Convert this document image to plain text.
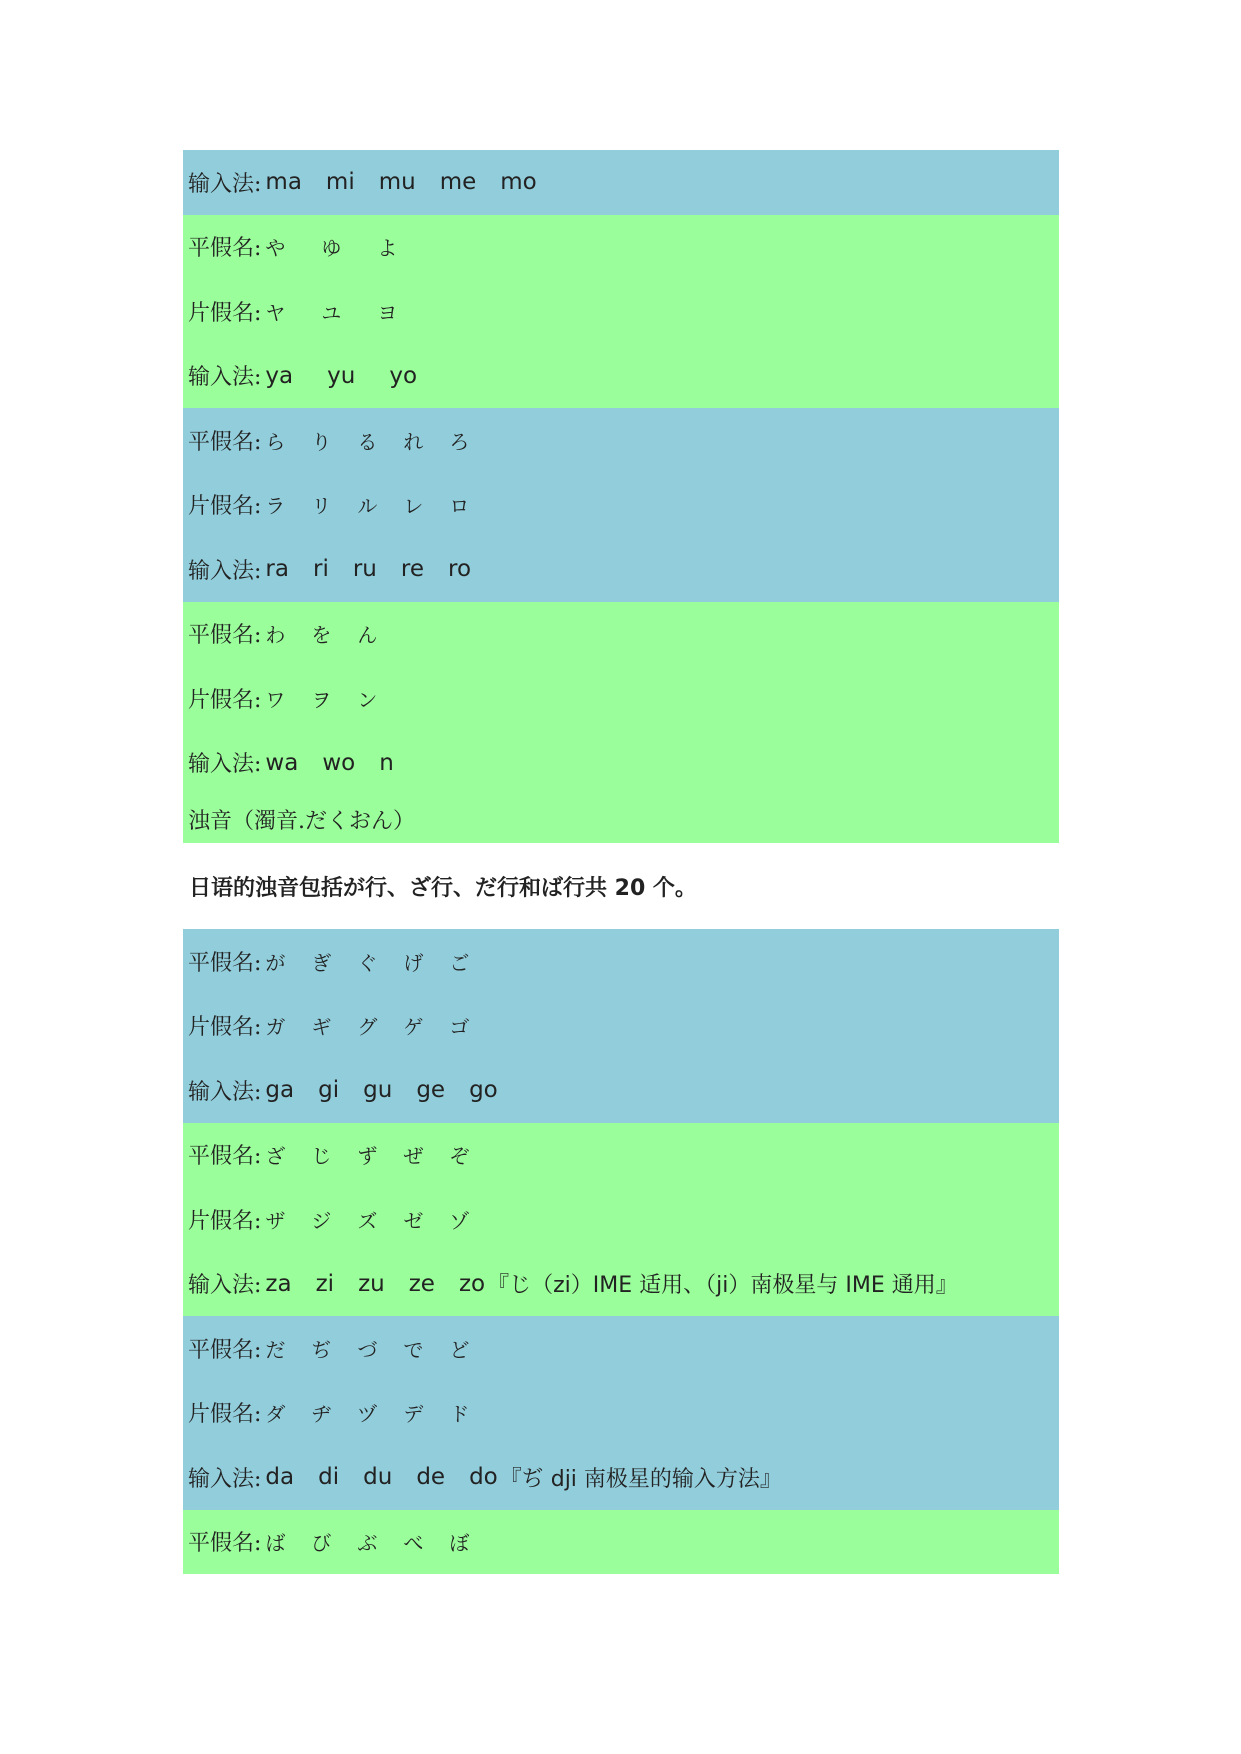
输入法: ma mi mu me mo
平假名: や	ゆ	よ
片假名: ヤ	ユ	ヨ
输入法: ya yu yo
平假名: ら	り	る	れ	ろ
片假名: ラ	リ	ル	レ	ロ
输入法: ra ri ru re ro
平假名: わ	を	ん
片假名: ワ	ヲ	ン
输入法: wa wo n
浊音（濁音.だくおん）
日语的浊音包括が行、ざ行、だ行和ば行共 20 个。
平假名: が	ぎ	ぐ	げ	ご
片假名: ガ	ギ	グ	ゲ	ゴ
输入法: ga gi gu ge go
平假名: ざ	じ	ず	ぜ	ぞ
片假名: ザ	ジ	ズ	ゼ	ゾ
输入法: za zi zu ze zo 『じ（zi）IME 适用、（ji）南极星与 IME 通用』
平假名: だ	ぢ	づ	で	ど
片假名: ダ	ヂ	ヅ	デ	ド
输入法: da di du de do 『ぢ dji 南极星的输入方法』
平假名: ば	び	ぶ	べ	ぼ
